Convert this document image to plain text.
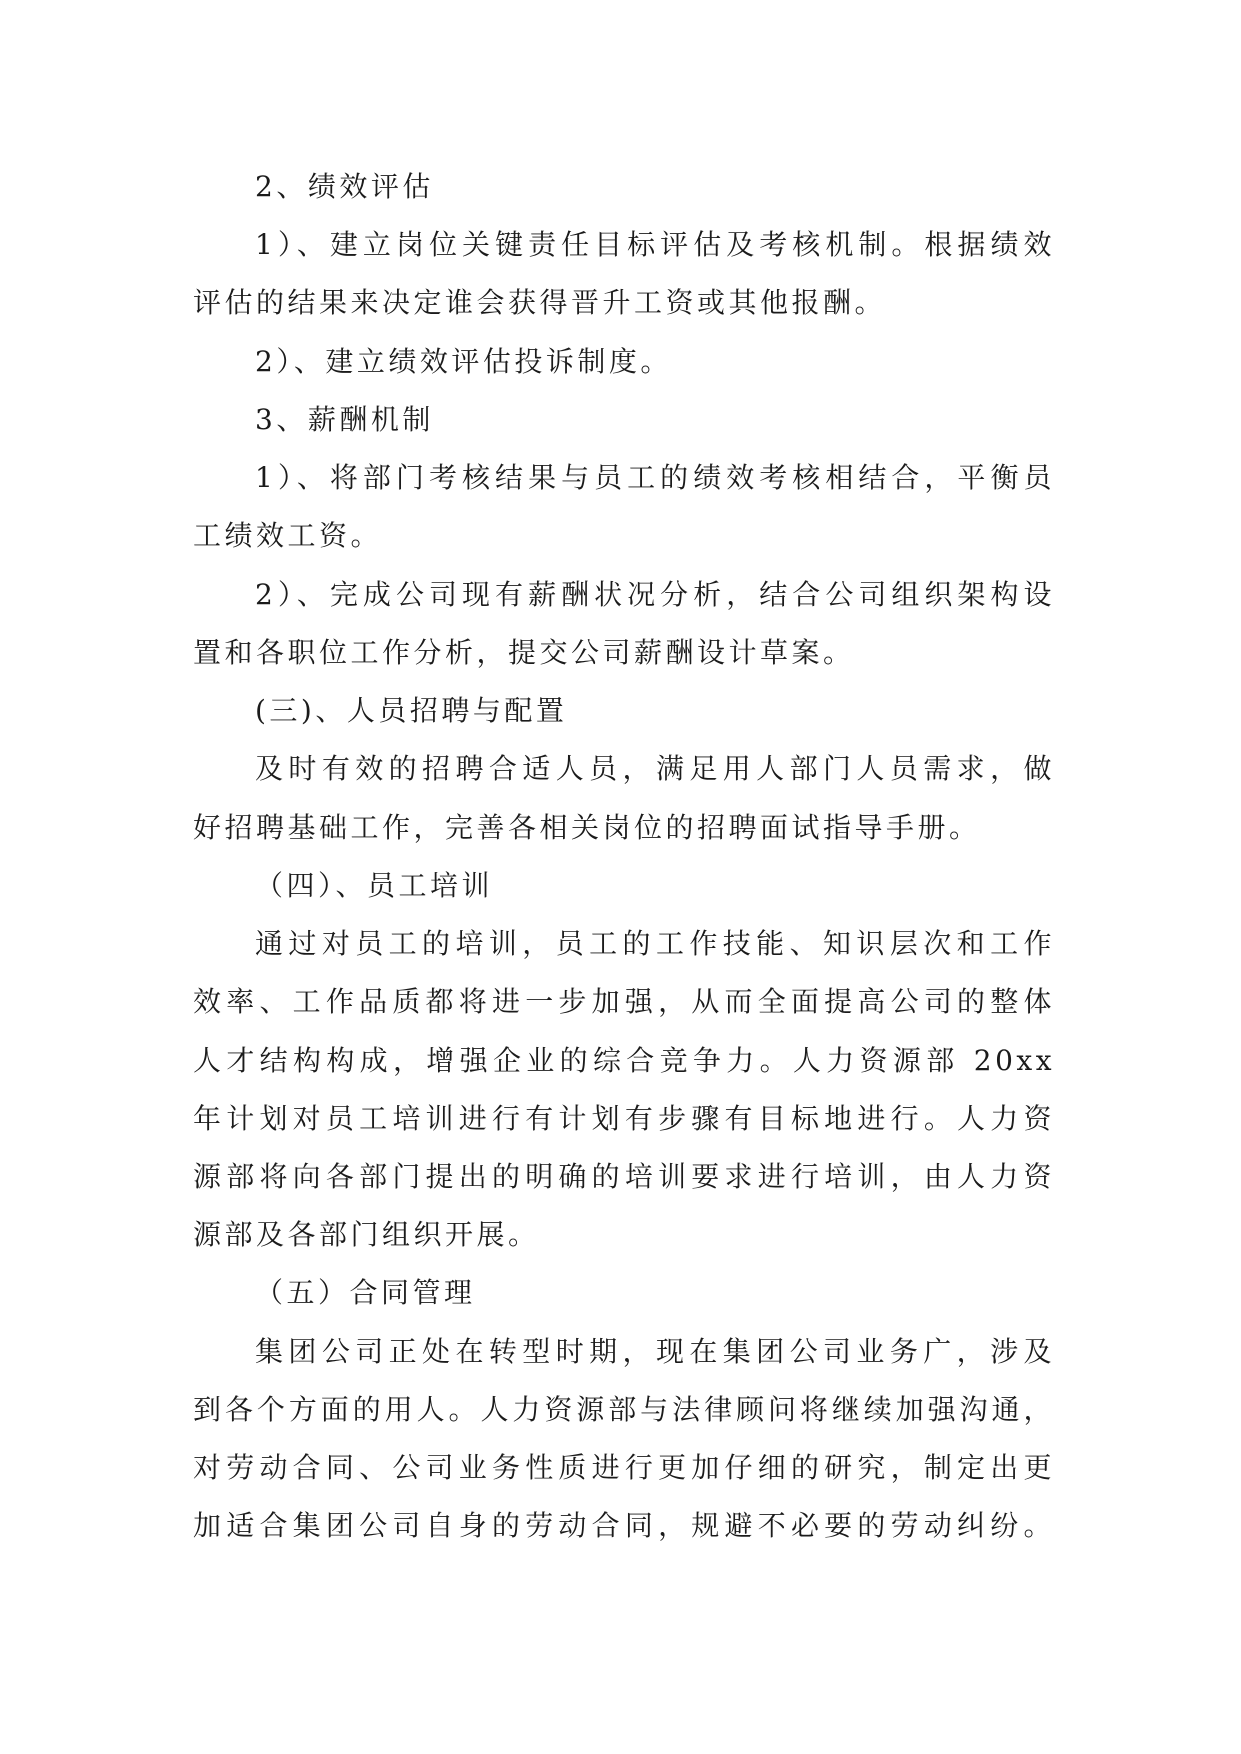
2、绩效评估
1）、建立岗位关键责任目标评估及考核机制。根据绩效
评估的结果来决定谁会获得晋升工资或其他报酬。
2）、建立绩效评估投诉制度。
3、薪酬机制
1）、将部门考核结果与员工的绩效考核相结合，平衡员
工绩效工资。
2）、完成公司现有薪酬状况分析，结合公司组织架构设
置和各职位工作分析，提交公司薪酬设计草案。
(三)、人员招聘与配置
及时有效的招聘合适人员，满足用人部门人员需求，做
好招聘基础工作，完善各相关岗位的招聘面试指导手册。
（四）、员工培训
通过对员工的培训，员工的工作技能、知识层次和工作
效率、工作品质都将进一步加强，从而全面提高公司的整体
人才结构构成，增强企业的综合竞争力。人力资源部 20xx
年计划对员工培训进行有计划有步骤有目标地进行。人力资
源部将向各部门提出的明确的培训要求进行培训，由人力资
源部及各部门组织开展。
（五）合同管理
集团公司正处在转型时期，现在集团公司业务广，涉及
到各个方面的用人。人力资源部与法律顾问将继续加强沟通，
对劳动合同、公司业务性质进行更加仔细的研究，制定出更
加适合集团公司自身的劳动合同，规避不必要的劳动纠纷。
